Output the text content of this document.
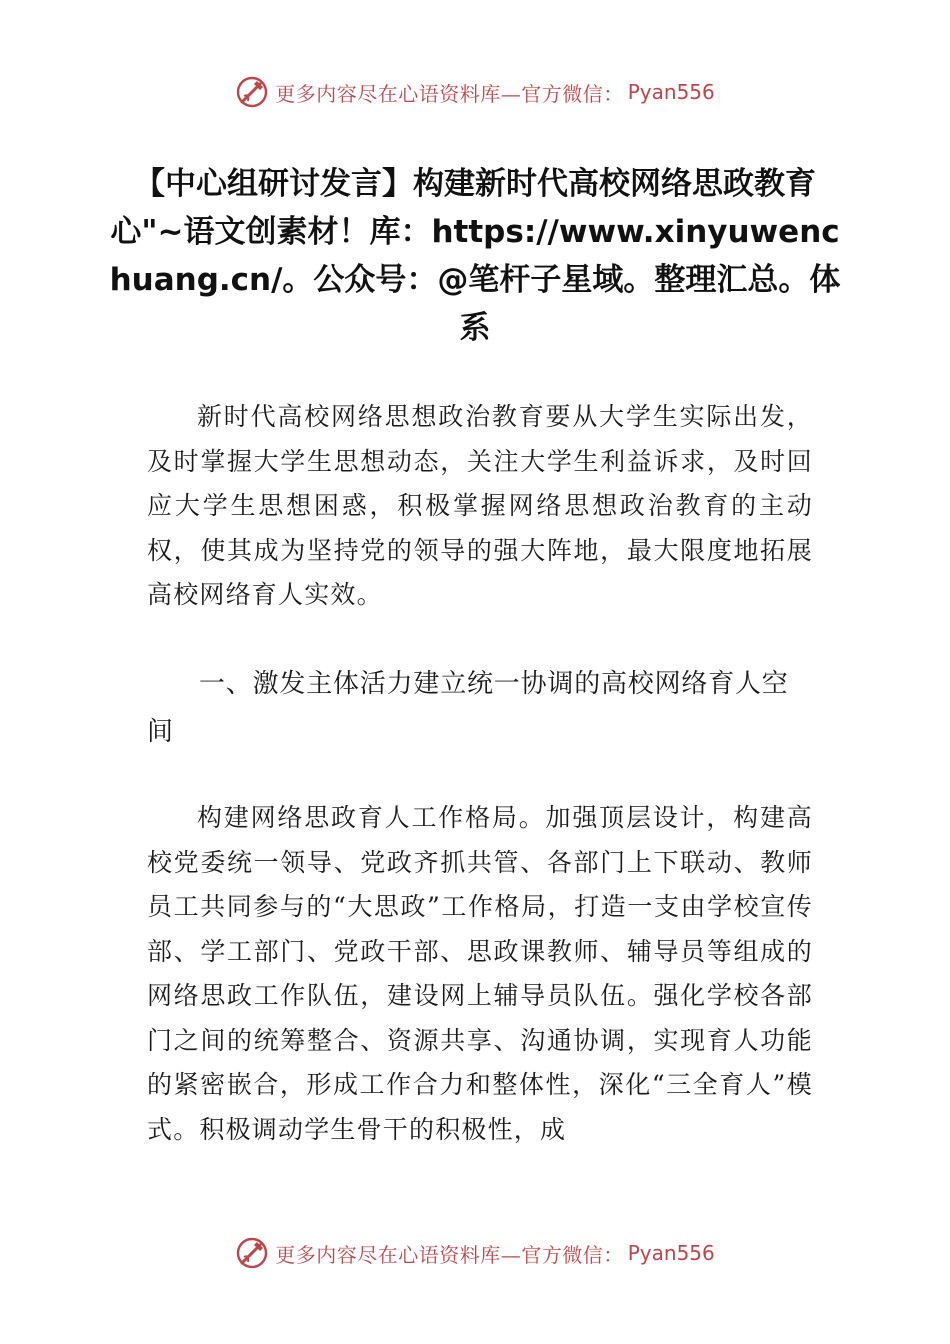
更多内容尽在心语资料库—官方微信： Pyan556
【中心组研讨发言】构建新时代高校网络思政教育心"~语文创素材！库：https://www.xinyuwenchuang.cn/。公众号：@笔杆子星域。整理汇总。体系

新时代高校网络思想政治教育要从大学生实际出发，及时掌握大学生思想动态，关注大学生利益诉求，及时回应大学生思想困惑，积极掌握网络思想政治教育的主动权，使其成为坚持党的领导的强大阵地，最大限度地拓展高校网络育人实效。

一、激发主体活力建立统一协调的高校网络育人空间

构建网络思政育人工作格局。加强顶层设计，构建高校党委统一领导、党政齐抓共管、各部门上下联动、教师员工共同参与的“大思政”工作格局，打造一支由学校宣传部、学工部门、党政干部、思政课教师、辅导员等组成的网络思政工作队伍，建设网上辅导员队伍。强化学校各部门之间的统筹整合、资源共享、沟通协调，实现育人功能的紧密嵌合，形成工作合力和整体性，深化“三全育人”模式。积极调动学生骨干的积极性，成

更多内容尽在心语资料库—官方微信： Pyan556
